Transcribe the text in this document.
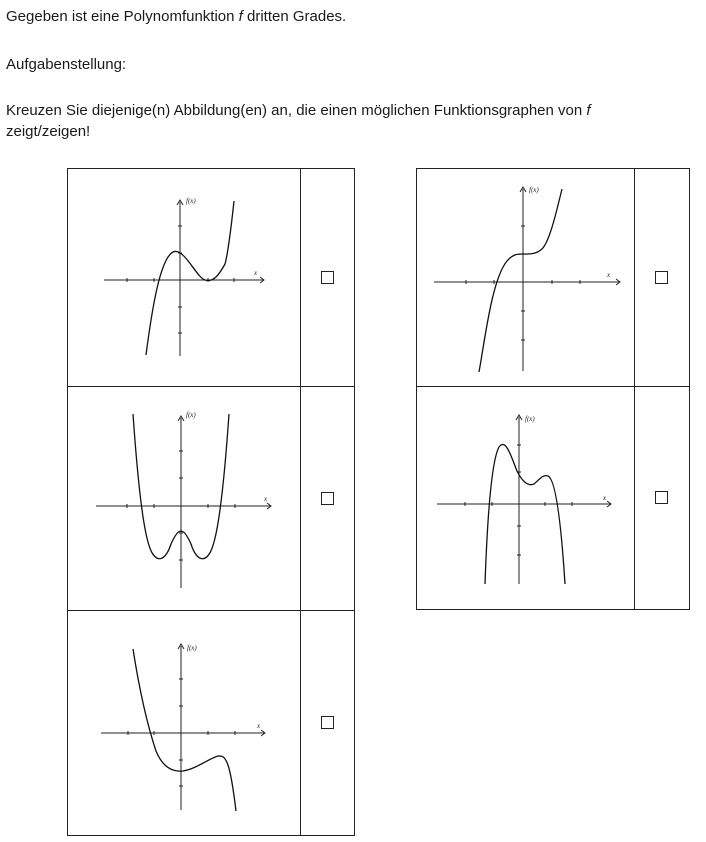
Gegeben ist eine Polynomfunktion f dritten Grades.
Aufgabenstellung:
Kreuzen Sie diejenige(n) Abbildung(en) an, die einen möglichen Funktionsgraphen von f
zeigt/zeigen!
f(x)
x
f(x)
x
f(x)
x
f(x)
x
f(x)
x
